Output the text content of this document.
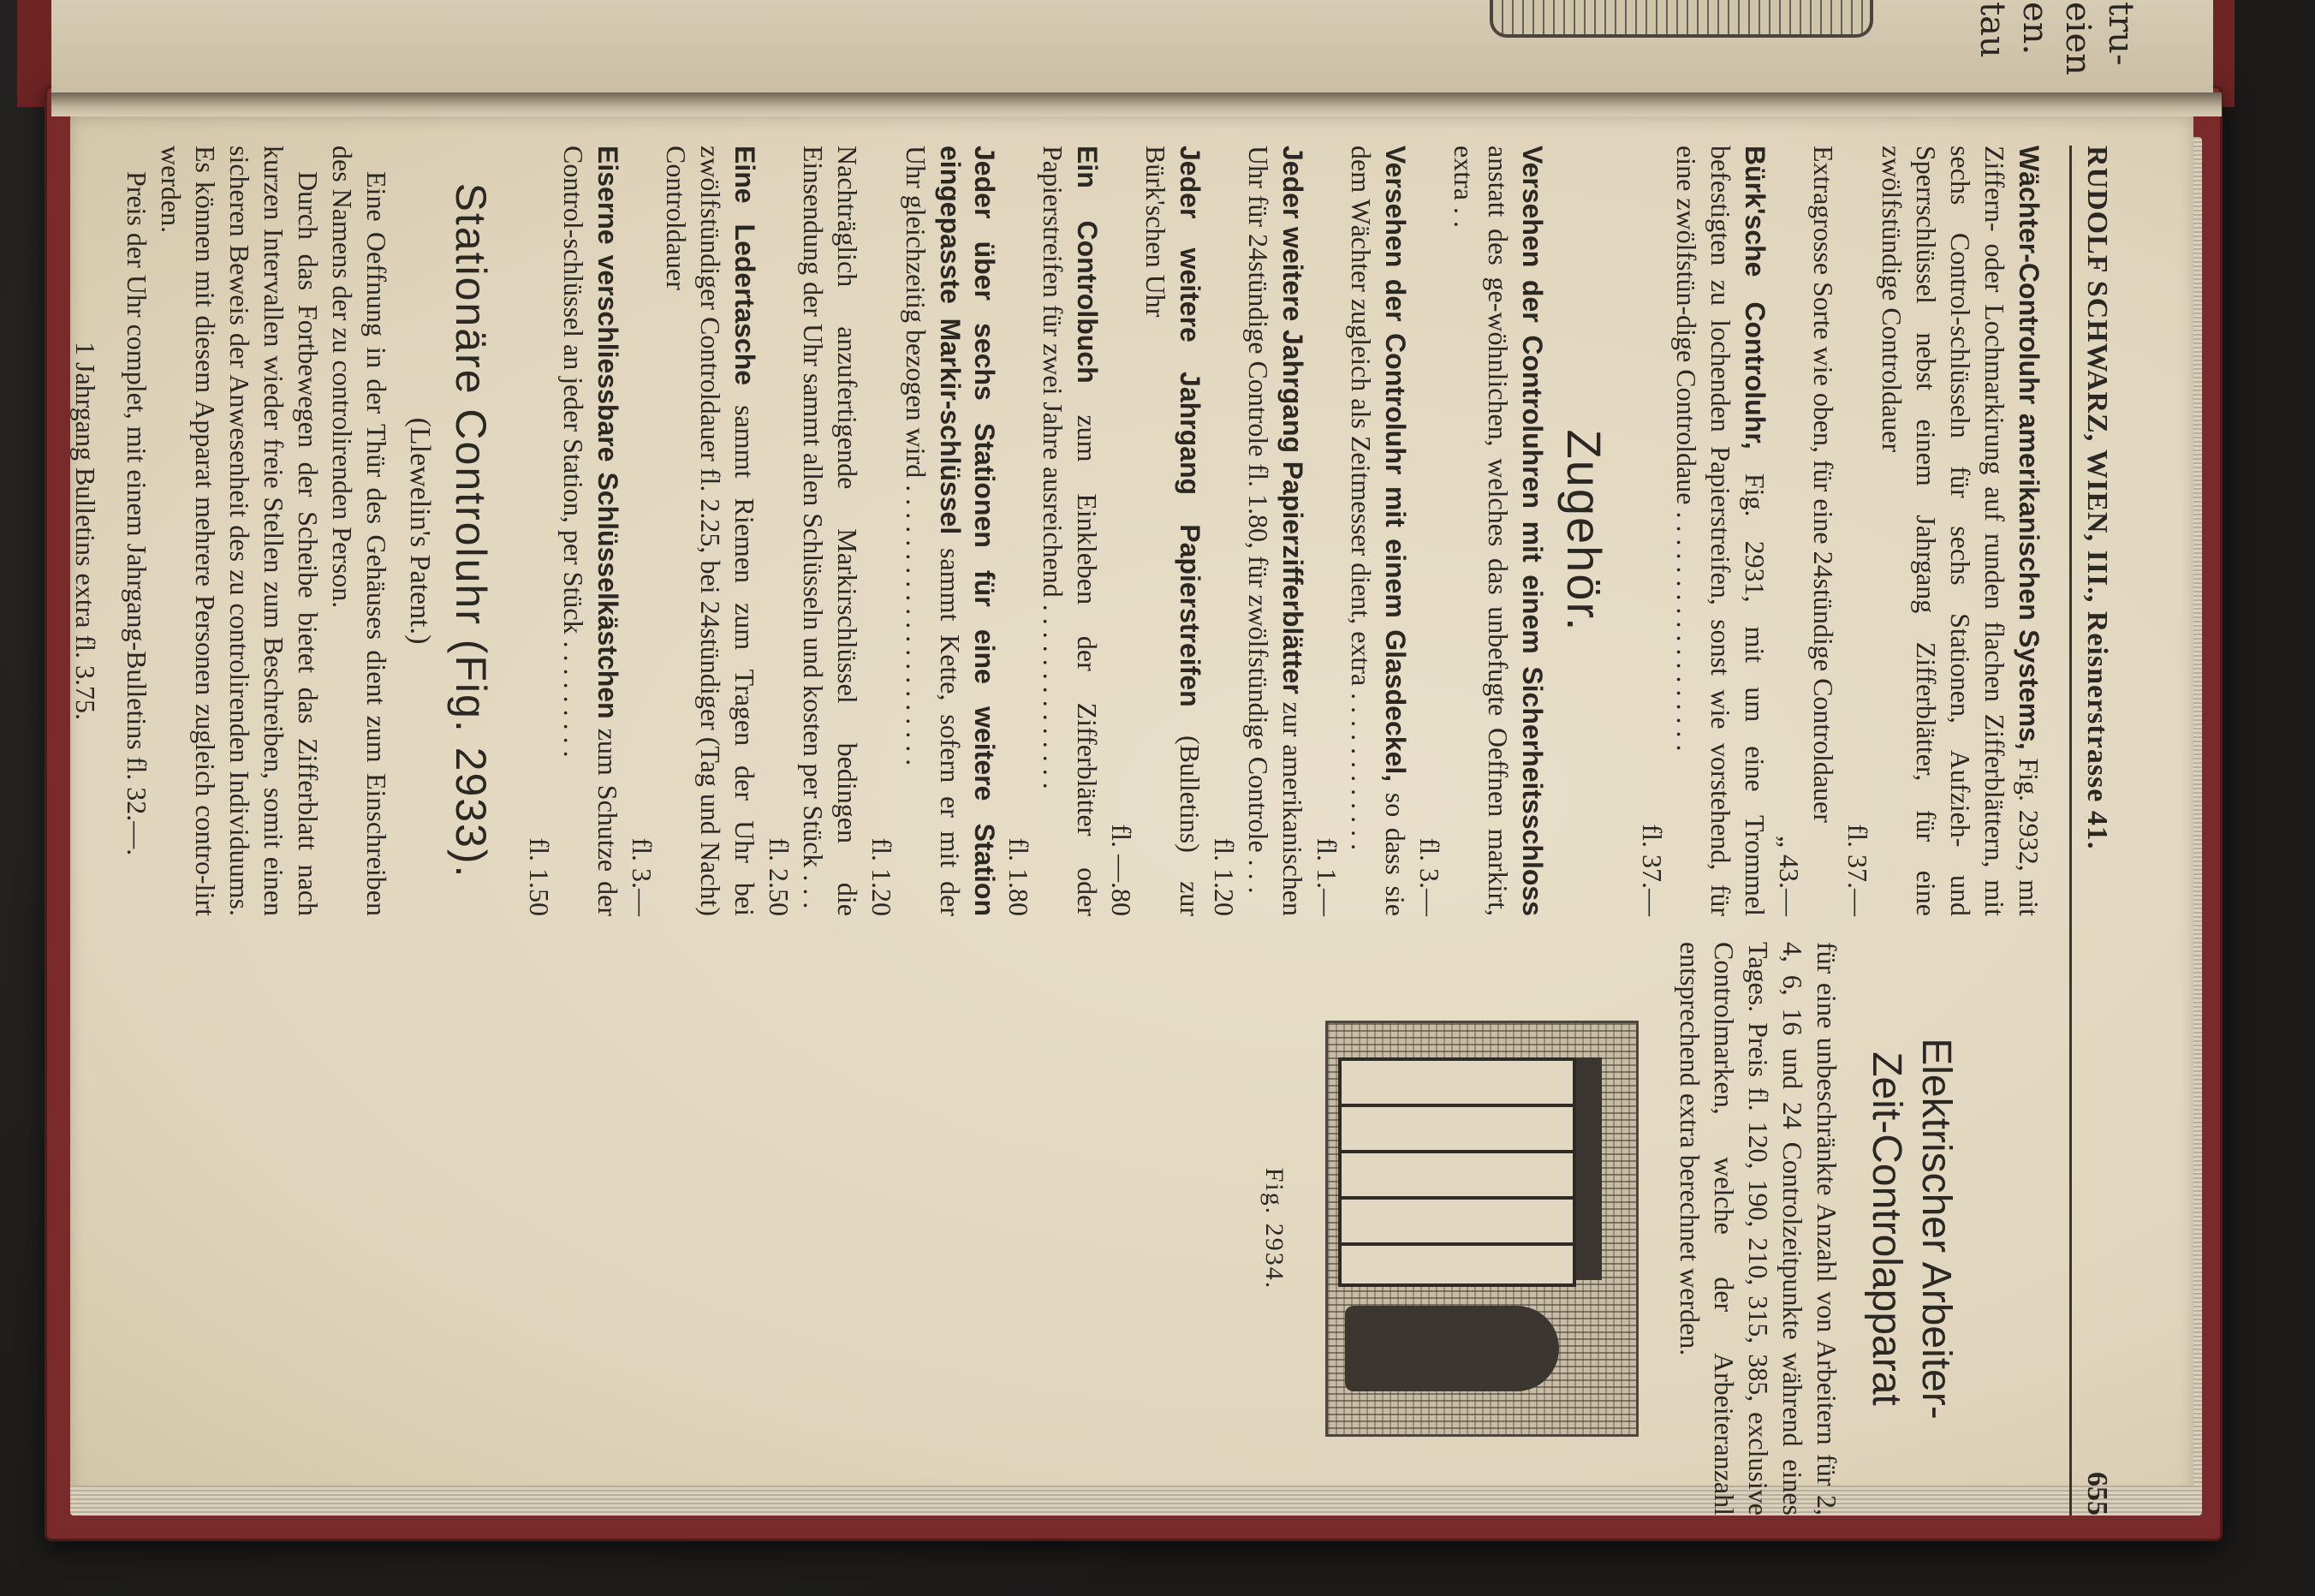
tru-
eien
en.
tau
RUDOLF SCHWARZ, WIEN, III., Reisnerstrasse 41.
655

Wächter-Controluhr amerikanischen Systems, Fig. 2932, mit Ziffern- oder Lochmarkirung auf runden flachen Zifferblättern, mit sechs Control-schlüsseln für sechs Stationen, Aufzieh- und Sperrschlüssel nebst einem Jahrgang Zifferblätter, für eine zwölfstündige Controldauer
fl. 37.—

Extragrosse Sorte wie oben, für eine 24stündige Controldauer
„ 43.—

Bürk'sche Controluhr, Fig. 2931, mit um eine Trommel befestigten zu lochenden Papierstreifen, sonst wie vorstehend, für eine zwölfstün-dige Controldaue . . . . . . . . . . . . . . . . . .
fl. 37.—

Zugehör.

Versehen der Controluhren mit einem Sicherheitsschloss anstatt des ge-wöhnlichen, welches das unbefugte Oeffnen markirt, extra . .
fl. 3.—

Versehen der Controluhr mit einem Glasdeckel, so dass sie dem Wächter zugleich als Zeitmesser dient, extra . . . . . . . . . . . .
fl. 1.—

Jeder weitere Jahrgang Papierzifferblätter zur amerikanischen Uhr für 24stündige Controle fl. 1.80, für zwölfstündige Controle . . .
fl. 1.20

Jeder weitere Jahrgang Papierstreifen (Bulletins) zur Bürk'schen Uhr
fl. —.80

Ein Controlbuch zum Einkleben der Zifferblätter oder Papierstreifen für zwei Jahre ausreichend . . . . . . . . . . . . . .
fl. 1.80

Jeder über sechs Stationen für eine weitere Station eingepasste Markir-schlüssel sammt Kette, sofern er mit der Uhr gleichzeitig bezogen wird . . . . . . . . . . . . . . . . . . . . .
fl. 1.20

Nachträglich anzufertigende Markirschlüssel bedingen die Einsendung der Uhr sammt allen Schlüsseln und kosten per Stück . . .
fl. 2.50

Eine Ledertasche sammt Riemen zum Tragen der Uhr bei zwölfstündiger Controldauer fl. 2.25, bei 24stündiger (Tag und Nacht) Controldauer
fl. 3.—

Eiserne verschliessbare Schlüsselkästchen zum Schutze der Control-schlüssel an jeder Station, per Stück . . . . . . . . .
fl. 1.50

Stationäre Controluhr (Fig. 2933).
(Llewelin's Patent.)

Eine Oeffnung in der Thür des Gehäuses dient zum Einschreiben des Namens der zu controlirenden Person.

Durch das Fortbewegen der Scheibe bietet das Zifferblatt nach kurzen Intervallen wieder freie Stellen zum Beschreiben, somit einen sicheren Beweis der Anwesenheit des zu controlirenden Individuums. Es können mit diesem Apparat mehrere Personen zugleich contro-lirt werden.

Preis der Uhr complet, mit einem Jahrgang-Bulletins fl. 32.—.

1 Jahrgang Bulletins extra fl. 3.75.

Elektrischer Arbeiter-
Zeit-Controlapparat

für eine unbeschränkte Anzahl von Arbeitern für 2, 4, 6, 16 und 24 Controlzeitpunkte während eines Tages. Preis fl. 120, 190, 210, 315, 385, exclusive Controlmarken, welche der Arbeiteranzahl entsprechend extra berechnet werden.

Fig. 2934.
